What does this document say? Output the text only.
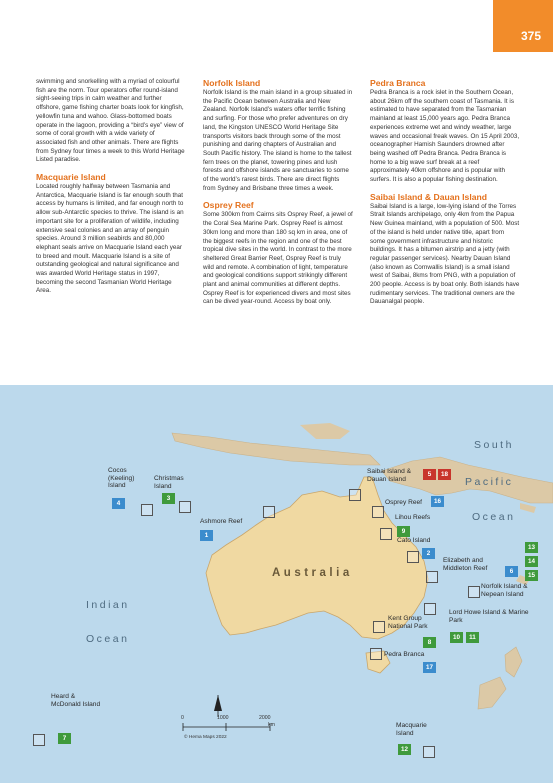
375

swimming and snorkelling with a myriad of colourful fish are the norm. Tour operators offer round-island sight-seeing trips in calm weather and further offshore, game fishing charter boats look for kingfish, yellowfin tuna and wahoo. Glass-bottomed boats operate in the lagoon, providing a “bird’s eye” view of some of coral growth with a wide variety of associated fish and other animals. There are flights from Sydney four times a week to this World Heritage Listed paradise.

Macquarie Island

Located roughly halfway between Tasmania and Antarctica, Macquarie Island is far enough south that access by humans is limited, and far enough north to allow sub-Antarctic species to thrive. The island is an important site for a proliferation of wildlife, including extensive seal colonies and an array of penguin species. Around 3 million seabirds and 80,000 elephant seals arrive on Macquarie Island each year to breed and moult. Macquarie Island is a site of outstanding geological and natural significance and was awarded World Heritage status in 1997, becoming the second Tasmanian World Heritage Area.

Norfolk Island

Norfolk Island is the main island in a group situated in the Pacific Ocean between Australia and New Zealand. Norfolk Island’s waters offer terrific fishing and surfing. For those who prefer adventures on dry land, the Kingston UNESCO World Heritage Site transports visitors back through some of the most punishing and daring chapters of Australian and South Pacific history. The island is home to the tallest fern trees on the planet, towering pines and lush forests and offshore islands are sanctuaries to some of the world’s rarest birds. There are direct flights from Sydney and Brisbane three times a week.

Osprey Reef

Some 300km from Cairns sits Osprey Reef, a jewel of the Coral Sea Marine Park. Osprey Reef is almost 30km long and more than 180 sq km in area, one of the biggest reefs in the region and one of the best tropical dive sites in the world. In contrast to the more sheltered Great Barrier Reef, Osprey Reef is truly wild and remote. A combination of light, temperature and geological conditions support strikingly different plant and animal communities at different depths. Osprey Reef is for experienced divers and most sites can be dived year-round. Access by boat only.

Pedra Branca

Pedra Branca is a rock islet in the Southern Ocean, about 26km off the southern coast of Tasmania. It is estimated to have separated from the Tasmanian mainland at least 15,000 years ago. Pedra Branca experiences extreme wet and windy weather, large waves and occasional freak waves. On 15 April 2003, oceanographer Hamish Saunders drowned after being washed off Pedra Branca. Pedra Branca is home to a big wave surf break at a reef approximately 40km offshore and is popular with surfers. It is also a popular fishing destination.

Saibai Island & Dauan Island

Saibai Island is a large, low-lying island of the Torres Strait Islands archipelago, only 4km from the Papua New Guinea mainland, with a population of 500. Most of the island is held under native title, apart from some government infrastructure and historic buildings. It has a bitumen airstrip and a jetty (with regular passenger services). Nearby Dauan Island (also known as Cornwallis Island) is a small island west of Saibai, 8kms from PNG, with a population of 200 people. Access is by boat only. Both islands have rudimentary services. The traditional owners are the Dauanalgal people.

South
Pacific
Ocean
Indian
Ocean
Australia
Cocos (Keeling) Island
4
Christmas Island
3
Ashmore Reef
1
Saibai Island & Dauan Island
5	18
Osprey Reef	16
Lihou Reefs
9
Cato Island
2
13
14
15
Elizabeth and Middleton Reef	6
Norfolk Island & Nepean Island
Lord Howe Island & Marine Park
10	11
Kent Group National Park
8
Pedra Branca
17
Heard & McDonald Island
7
Macquarie Island
12
0	1000	2000
km
© Hema Maps 2022
